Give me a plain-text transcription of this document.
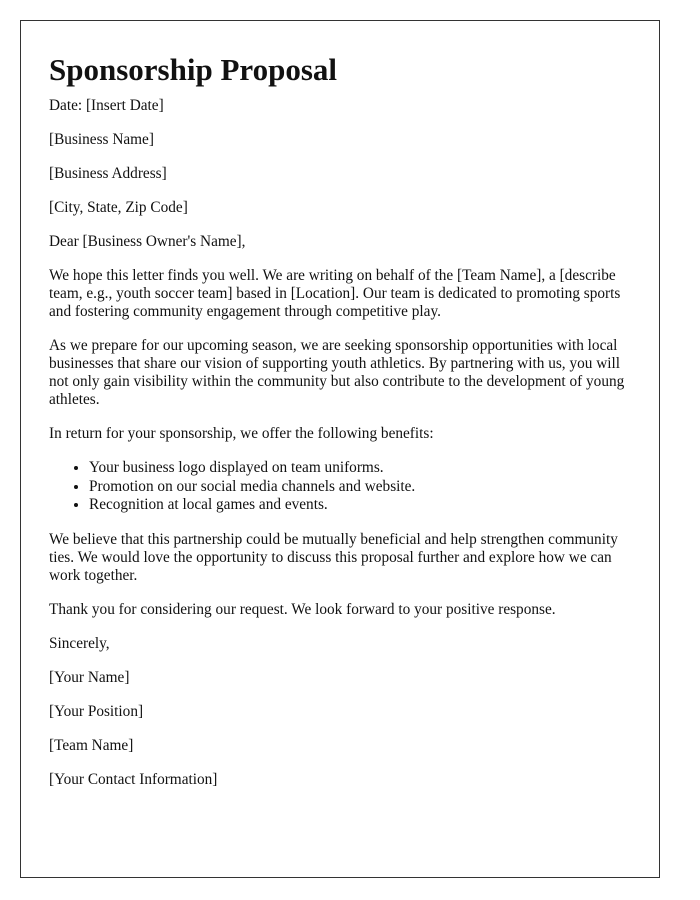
Sponsorship Proposal

Date: [Insert Date]

[Business Name]

[Business Address]

[City, State, Zip Code]

Dear [Business Owner's Name],

We hope this letter finds you well. We are writing on behalf of the [Team Name], a [describe team, e.g., youth soccer team] based in [Location]. Our team is dedicated to promoting sports and fostering community engagement through competitive play.

As we prepare for our upcoming season, we are seeking sponsorship opportunities with local businesses that share our vision of supporting youth athletics. By partnering with us, you will not only gain visibility within the community but also contribute to the development of young athletes.

In return for your sponsorship, we offer the following benefits:

• Your business logo displayed on team uniforms.
• Promotion on our social media channels and website.
• Recognition at local games and events.

We believe that this partnership could be mutually beneficial and help strengthen community ties. We would love the opportunity to discuss this proposal further and explore how we can work together.

Thank you for considering our request. We look forward to your positive response.

Sincerely,

[Your Name]

[Your Position]

[Team Name]

[Your Contact Information]
